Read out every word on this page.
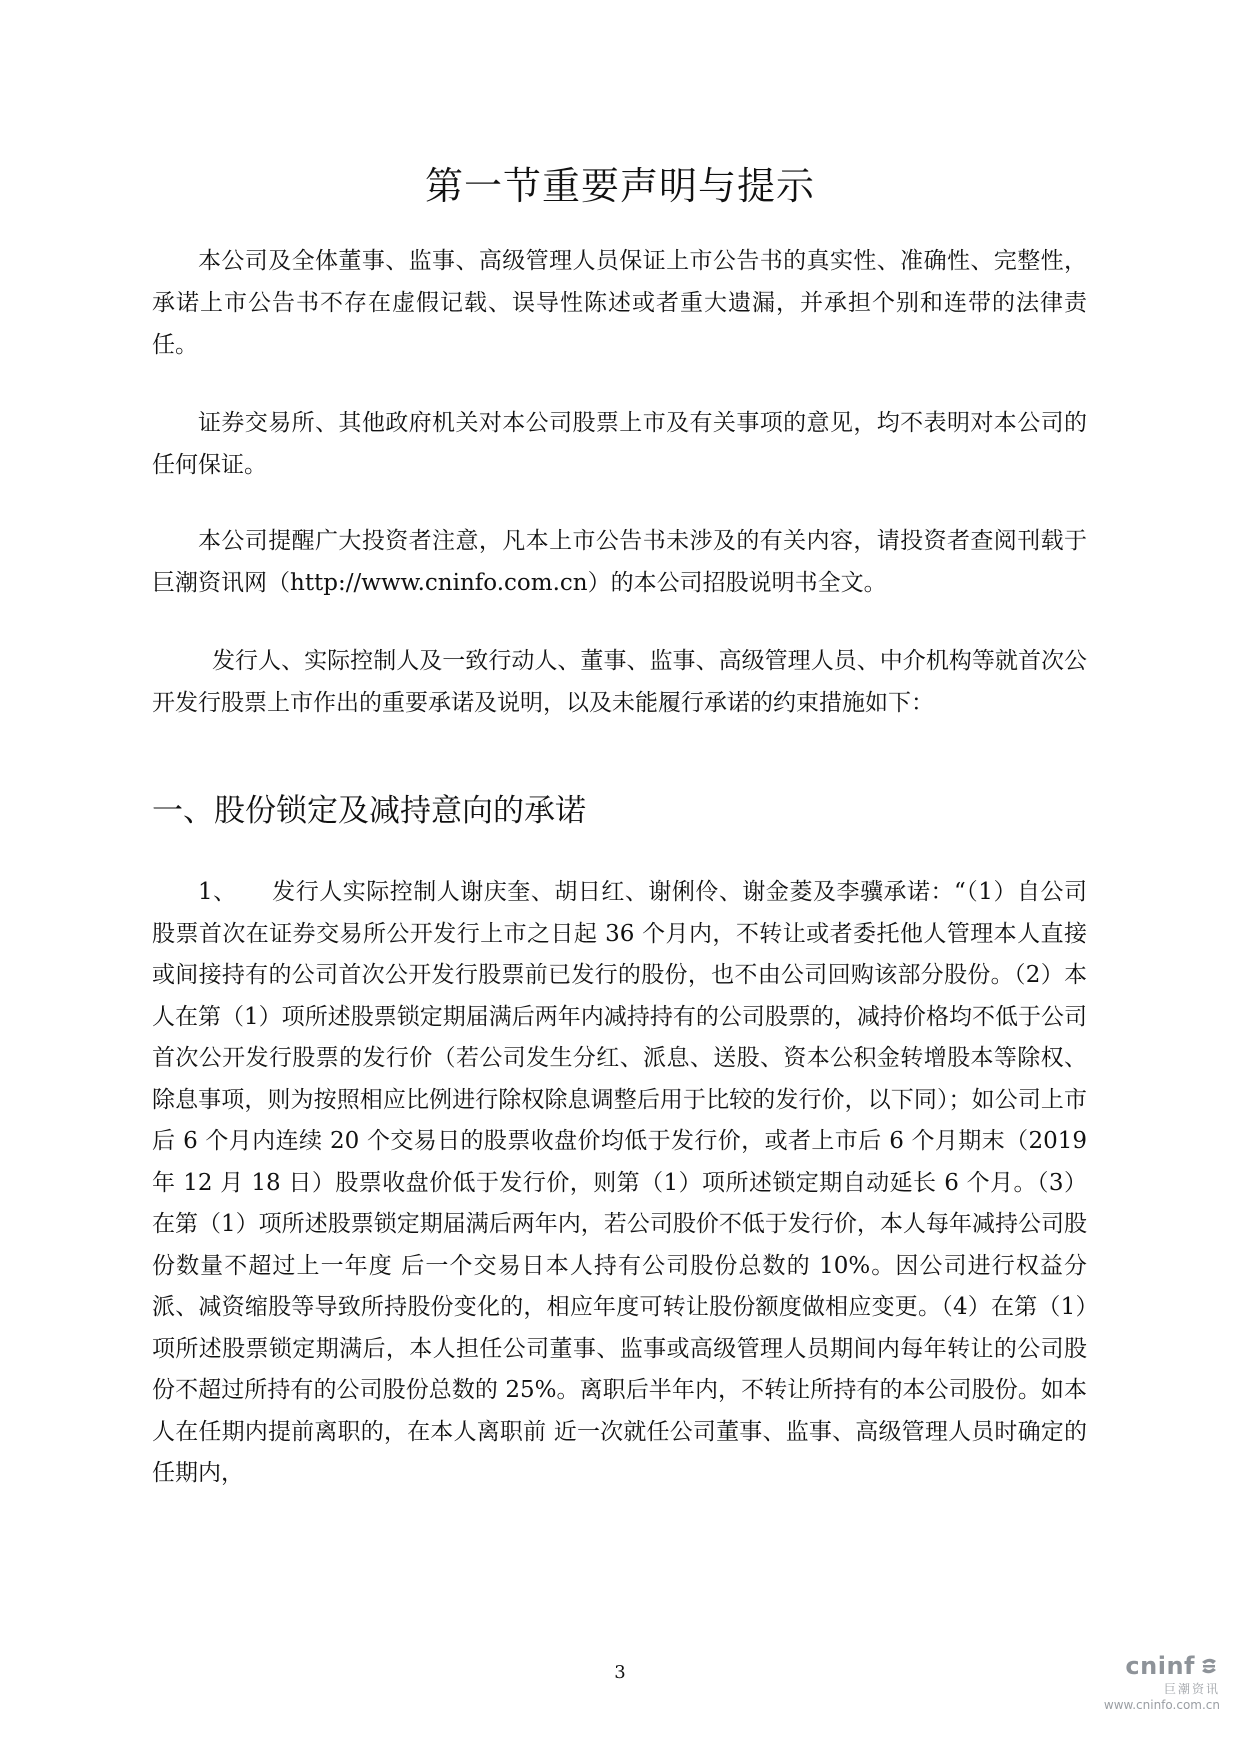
第一节重要声明与提示

本公司及全体董事、监事、高级管理人员保证上市公告书的真实性、准确性、完整性，承诺上市公告书不存在虚假记载、误导性陈述或者重大遗漏，并承担个别和连带的法律责任。

证券交易所、其他政府机关对本公司股票上市及有关事项的意见，均不表明对本公司的任何保证。

本公司提醒广大投资者注意，凡本上市公告书未涉及的有关内容，请投资者查阅刊载于巨潮资讯网（http://www.cninfo.com.cn）的本公司招股说明书全文。

发行人、实际控制人及一致行动人、董事、监事、高级管理人员、中介机构等就首次公开发行股票上市作出的重要承诺及说明，以及未能履行承诺的约束措施如下：

一、股份锁定及减持意向的承诺

1、　　发行人实际控制人谢庆奎、胡日红、谢俐伶、谢金菱及李骥承诺：“（1）自公司股票首次在证券交易所公开发行上市之日起 36 个月内，不转让或者委托他人管理本人直接或间接持有的公司首次公开发行股票前已发行的股份，也不由公司回购该部分股份。（2）本人在第（1）项所述股票锁定期届满后两年内减持持有的公司股票的，减持价格均不低于公司首次公开发行股票的发行价（若公司发生分红、派息、送股、资本公积金转增股本等除权、除息事项，则为按照相应比例进行除权除息调整后用于比较的发行价，以下同）；如公司上市后 6 个月内连续 20 个交易日的股票收盘价均低于发行价，或者上市后 6 个月期末（2019 年 12 月 18 日）股票收盘价低于发行价，则第（1）项所述锁定期自动延长 6 个月。（3）在第（1）项所述股票锁定期届满后两年内，若公司股价不低于发行价，本人每年减持公司股份数量不超过上一年度 后一个交易日本人持有公司股份总数的 10%。因公司进行权益分派、减资缩股等导致所持股份变化的，相应年度可转让股份额度做相应变更。（4）在第（1）项所述股票锁定期满后，本人担任公司董事、监事或高级管理人员期间内每年转让的公司股份不超过所持有的公司股份总数的 25%。离职后半年内，不转让所持有的本公司股份。如本人在任期内提前离职的，在本人离职前 近一次就任公司董事、监事、高级管理人员时确定的任期内，

3	cninf
巨潮资讯
www.cninfo.com.cn
